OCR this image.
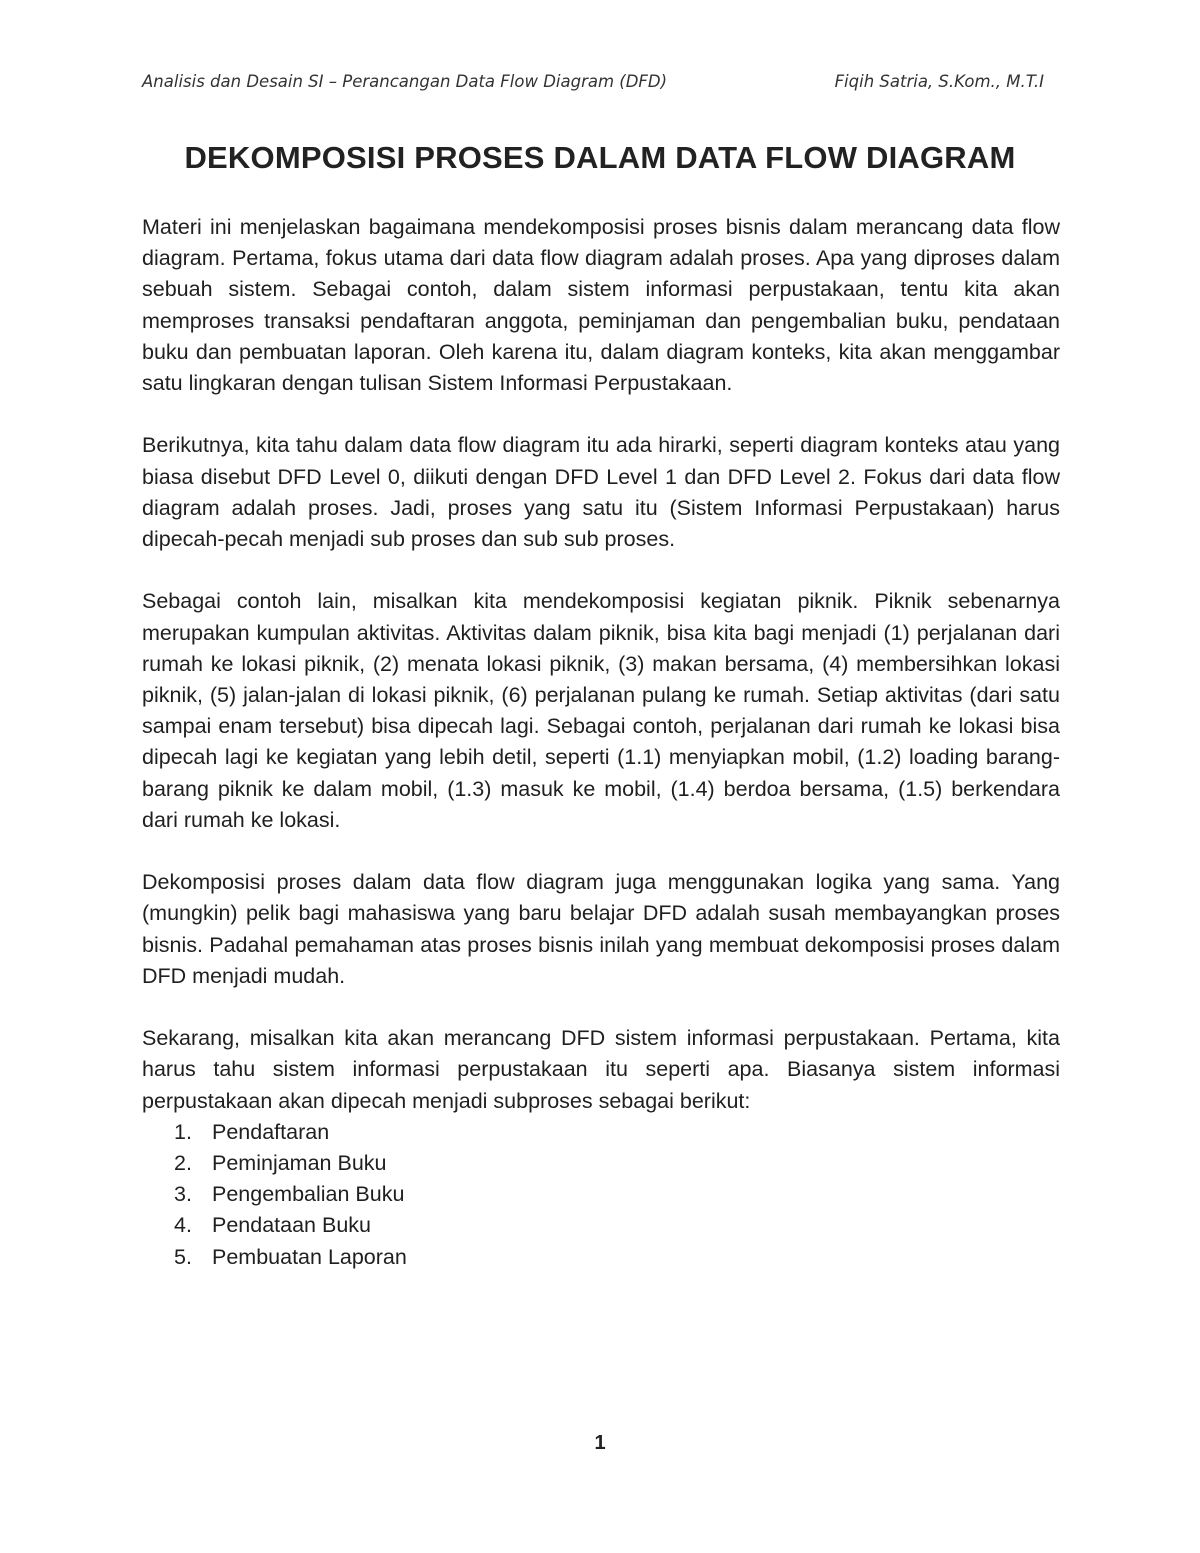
Analisis dan Desain SI – Perancangan Data Flow Diagram (DFD)	Fiqih Satria, S.Kom., M.T.I
DEKOMPOSISI PROSES DALAM DATA FLOW DIAGRAM

Materi ini menjelaskan bagaimana mendekomposisi proses bisnis dalam merancang data flow diagram. Pertama, fokus utama dari data flow diagram adalah proses. Apa yang diproses dalam sebuah sistem. Sebagai contoh, dalam sistem informasi perpustakaan, tentu kita akan memproses transaksi pendaftaran anggota, peminjaman dan pengembalian buku, pendataan buku dan pembuatan laporan. Oleh karena itu, dalam diagram konteks, kita akan menggambar satu lingkaran dengan tulisan Sistem Informasi Perpustakaan.

Berikutnya, kita tahu dalam data flow diagram itu ada hirarki, seperti diagram konteks atau yang biasa disebut DFD Level 0, diikuti dengan DFD Level 1 dan DFD Level 2. Fokus dari data flow diagram adalah proses. Jadi, proses yang satu itu (Sistem Informasi Perpustakaan) harus dipecah-pecah menjadi sub proses dan sub sub proses.

Sebagai contoh lain, misalkan kita mendekomposisi kegiatan piknik. Piknik sebenarnya merupakan kumpulan aktivitas. Aktivitas dalam piknik, bisa kita bagi menjadi (1) perjalanan dari rumah ke lokasi piknik, (2) menata lokasi piknik, (3) makan bersama, (4) membersihkan lokasi piknik, (5) jalan-jalan di lokasi piknik, (6) perjalanan pulang ke rumah. Setiap aktivitas (dari satu sampai enam tersebut) bisa dipecah lagi. Sebagai contoh, perjalanan dari rumah ke lokasi bisa dipecah lagi ke kegiatan yang lebih detil, seperti (1.1) menyiapkan mobil, (1.2) loading barang-barang piknik ke dalam mobil, (1.3) masuk ke mobil, (1.4) berdoa bersama, (1.5) berkendara dari rumah ke lokasi.

Dekomposisi proses dalam data flow diagram juga menggunakan logika yang sama. Yang (mungkin) pelik bagi mahasiswa yang baru belajar DFD adalah susah membayangkan proses bisnis. Padahal pemahaman atas proses bisnis inilah yang membuat dekomposisi proses dalam DFD menjadi mudah.

Sekarang, misalkan kita akan merancang DFD sistem informasi perpustakaan. Pertama, kita harus tahu sistem informasi perpustakaan itu seperti apa. Biasanya sistem informasi perpustakaan akan dipecah menjadi subproses sebagai berikut:

1. Pendaftaran
2. Peminjaman Buku
3. Pengembalian Buku
4. Pendataan Buku
5. Pembuatan Laporan
1
